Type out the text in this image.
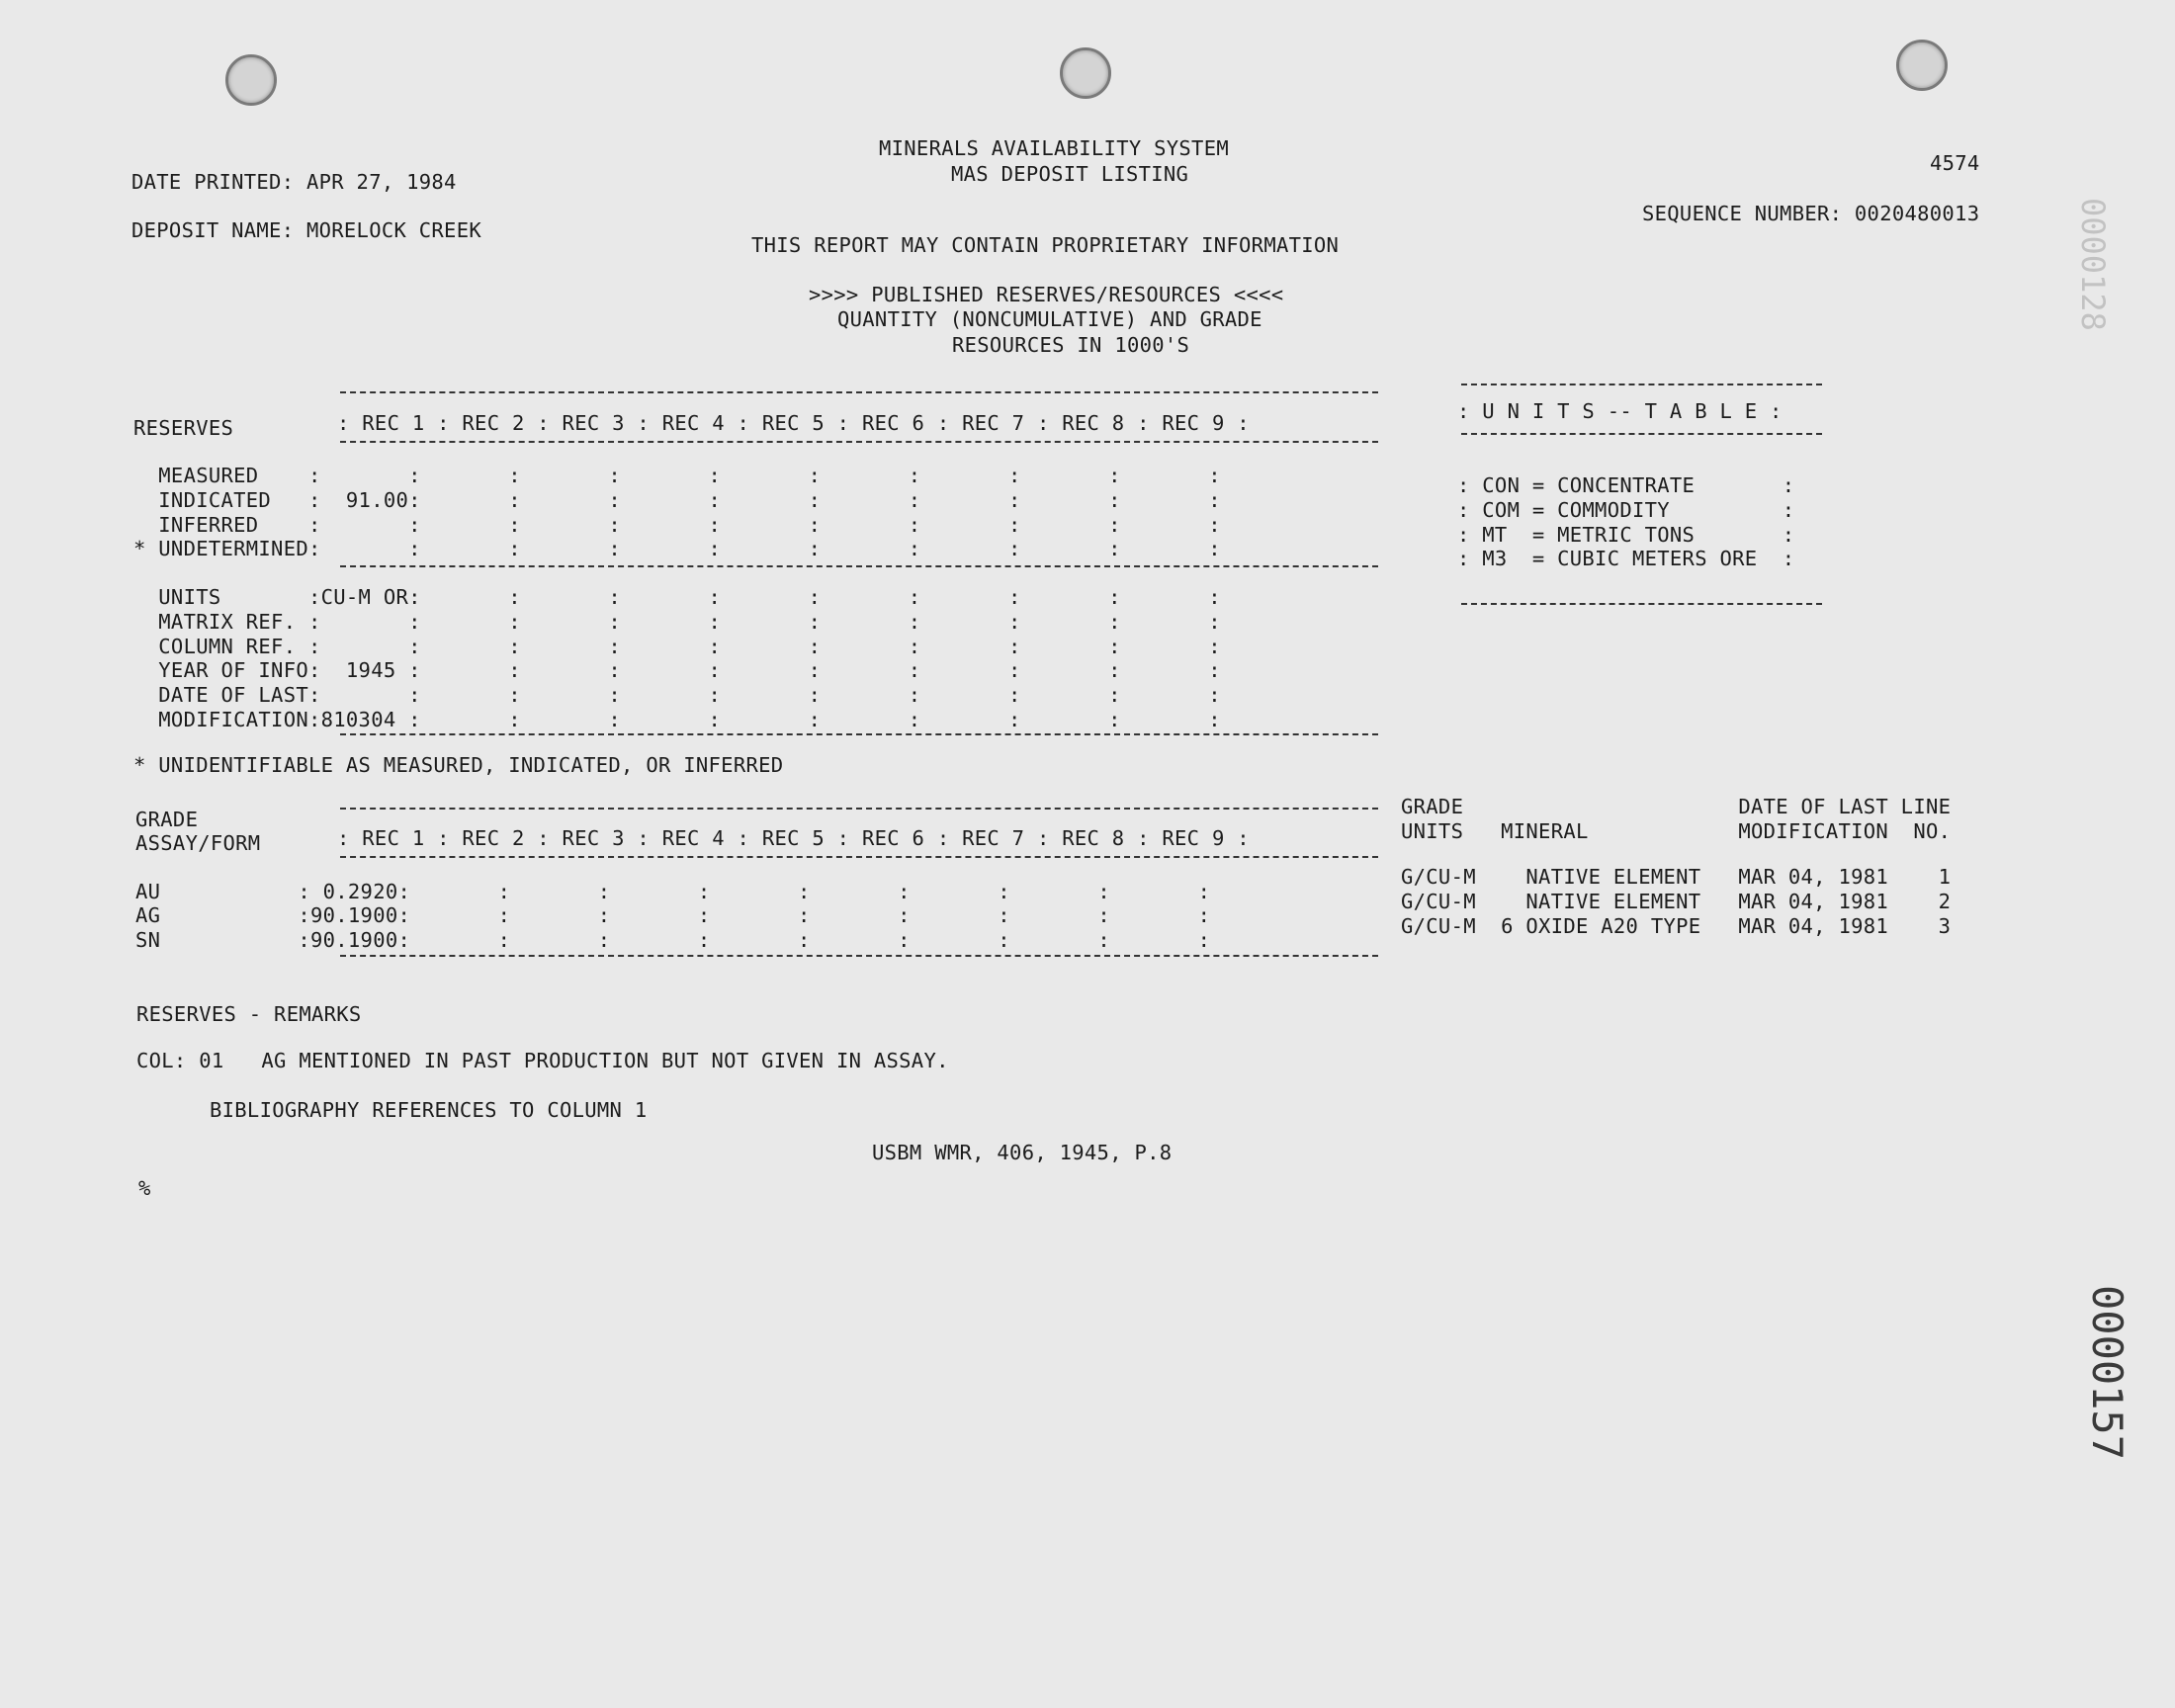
MINERALS AVAILABILITY SYSTEM
MAS DEPOSIT LISTING
DATE PRINTED: APR 27, 1984
4574
DEPOSIT NAME: MORELOCK CREEK
SEQUENCE NUMBER: 0020480013
THIS REPORT MAY CONTAIN PROPRIETARY INFORMATION
>>>> PUBLISHED RESERVES/RESOURCES <<<<
QUANTITY (NONCUMULATIVE) AND GRADE
RESOURCES IN 1000'S
RESERVES	: REC 1 : REC 2 : REC 3 : REC 4 : REC 5 : REC 6 : REC 7 : REC 8 : REC 9 :
MEASURED    :       :       :       :       :       :       :       :       :       :
INDICATED   :  91.00:       :       :       :       :       :       :       :       :
INFERRED    :       :       :       :       :       :       :       :       :       :
* UNDETERMINED:       :       :       :       :       :       :       :       :       :
UNITS       :CU-M OR:       :       :       :       :       :       :       :       :
MATRIX REF. :       :       :       :       :       :       :       :       :       :
COLUMN REF. :       :       :       :       :       :       :       :       :       :
YEAR OF INFO:  1945 :       :       :       :       :       :       :       :       :
DATE OF LAST:       :       :       :       :       :       :       :       :       :
MODIFICATION:810304 :       :       :       :       :       :       :       :       :
* UNIDENTIFIABLE AS MEASURED, INDICATED, OR INFERRED
: U N I T S -- T A B L E :
: CON = CONCENTRATE       :
: COM = COMMODITY         :
: MT  = METRIC TONS       :
: M3  = CUBIC METERS ORE  :
GRADE
ASSAY/FORM	: REC 1 : REC 2 : REC 3 : REC 4 : REC 5 : REC 6 : REC 7 : REC 8 : REC 9 :
GRADE                      DATE OF LAST LINE
UNITS   MINERAL            MODIFICATION  NO.
AU           : 0.2920:       :       :       :       :       :       :       :       :
AG           :90.1900:       :       :       :       :       :       :       :       :
SN           :90.1900:       :       :       :       :       :       :       :       :
G/CU-M    NATIVE ELEMENT   MAR 04, 1981    1
G/CU-M    NATIVE ELEMENT   MAR 04, 1981    2
G/CU-M  6 OXIDE A20 TYPE   MAR 04, 1981    3
RESERVES - REMARKS
COL: 01   AG MENTIONED IN PAST PRODUCTION BUT NOT GIVEN IN ASSAY.
BIBLIOGRAPHY REFERENCES TO COLUMN 1
USBM WMR, 406, 1945, P.8
%
0000128
0000157
